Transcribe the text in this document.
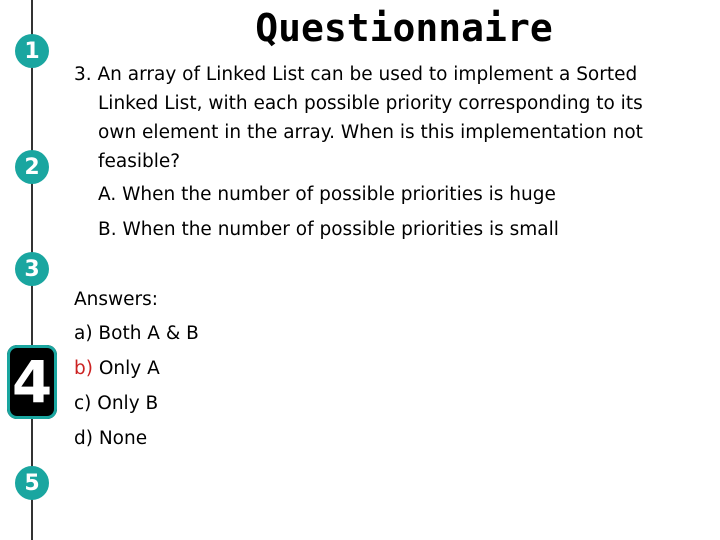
1
2
3
4
5
Questionnaire
3. An array of Linked List can be used to implement a Sorted
Linked List, with each possible priority corresponding to its
own element in the array. When is this implementation not
feasible?
A. When the number of possible priorities is huge
B. When the number of possible priorities is small
Answers:
a) Both A & B
b) Only A
c) Only B
d) None
